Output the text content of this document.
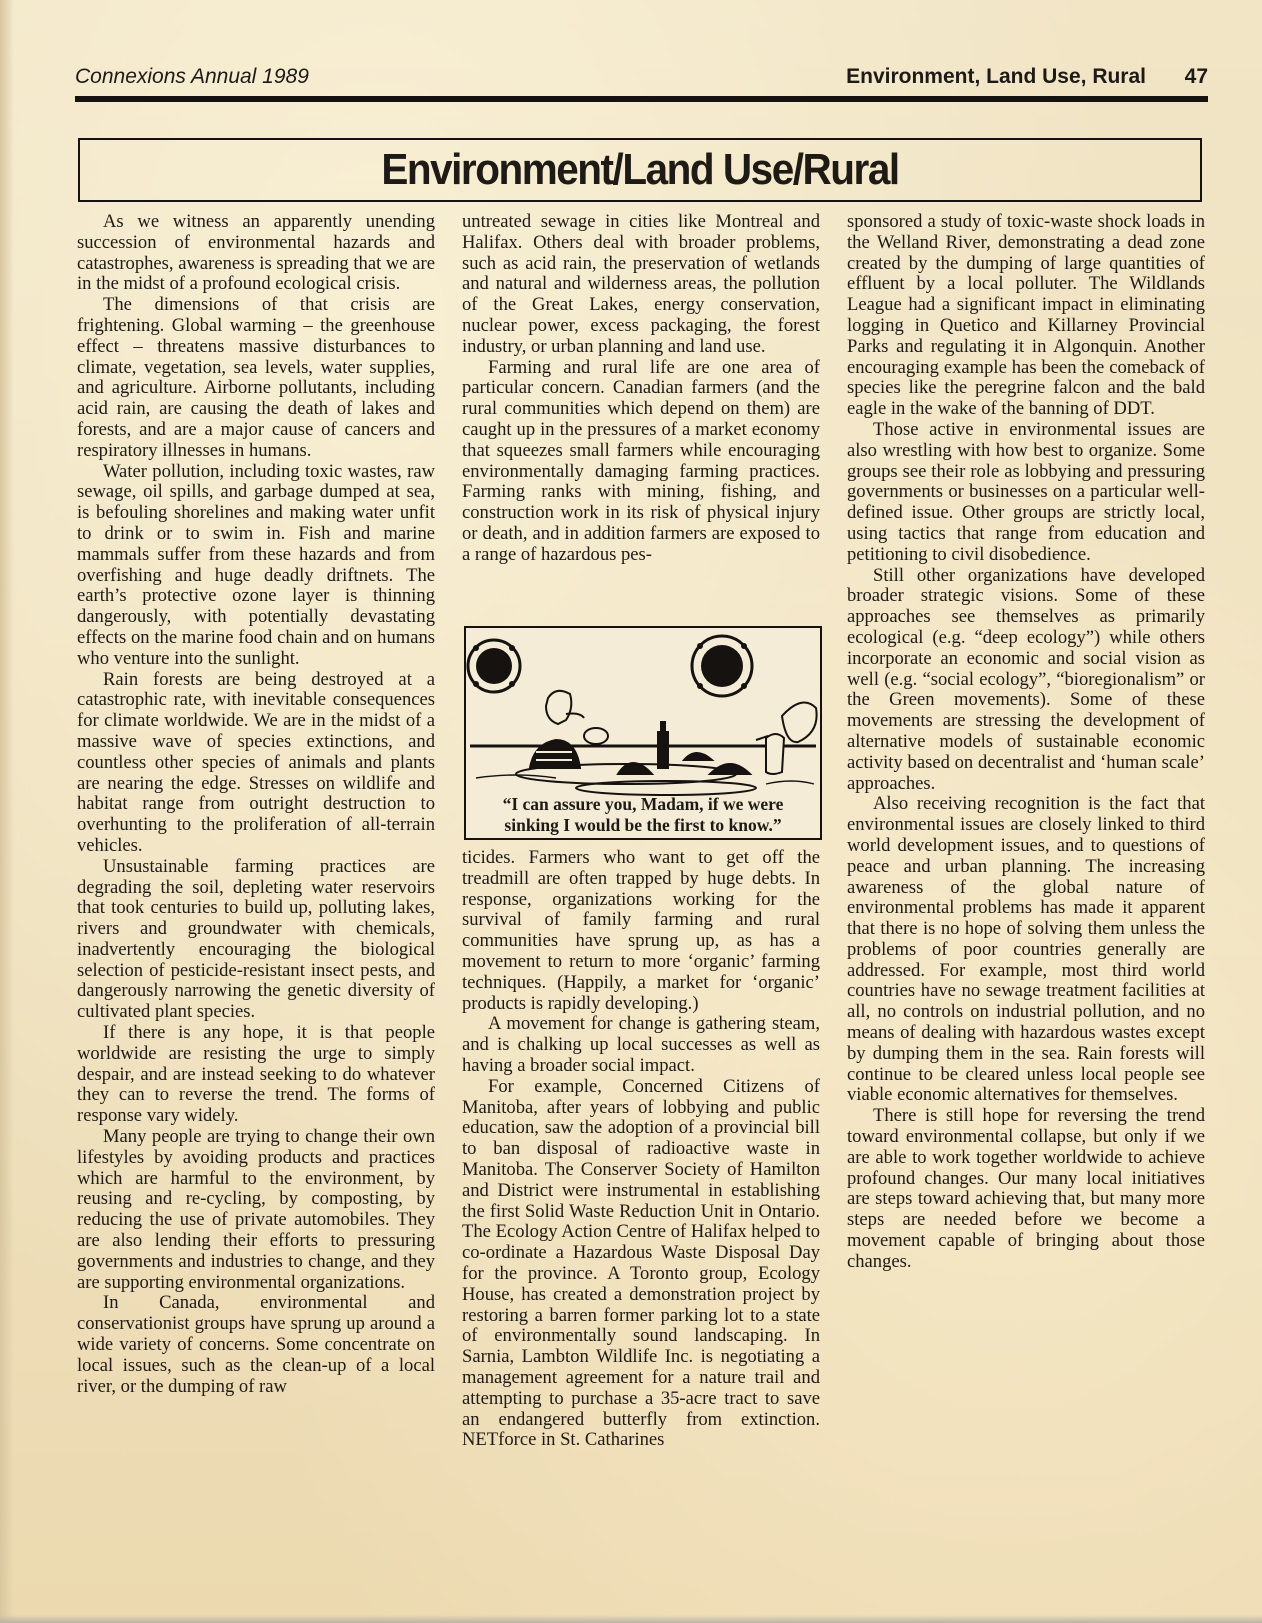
Connexions Annual 1989	Environment, Land Use, Rural 47
Environment/Land Use/Rural

As we witness an apparently unending succession of environmental hazards and catastrophes, awareness is spreading that we are in the midst of a profound ecological crisis.

The dimensions of that crisis are frightening. Global warming – the greenhouse effect – threatens massive disturbances to climate, vegetation, sea levels, water supplies, and agriculture. Airborne pollutants, including acid rain, are causing the death of lakes and forests, and are a major cause of cancers and respiratory illnesses in humans.

Water pollution, including toxic wastes, raw sewage, oil spills, and garbage dumped at sea, is befouling shorelines and making water unfit to drink or to swim in. Fish and marine mammals suffer from these hazards and from overfishing and huge deadly driftnets. The earth’s protective ozone layer is thinning dangerously, with potentially devastating effects on the marine food chain and on humans who venture into the sunlight.

Rain forests are being destroyed at a catastrophic rate, with inevitable consequences for climate worldwide. We are in the midst of a massive wave of species extinctions, and countless other species of animals and plants are nearing the edge. Stresses on wildlife and habitat range from outright destruction to overhunting to the proliferation of all-terrain vehicles.

Unsustainable farming practices are degrading the soil, depleting water reservoirs that took centuries to build up, polluting lakes, rivers and groundwater with chemicals, inadvertently encouraging the biological selection of pesticide-resistant insect pests, and dangerously narrowing the genetic diversity of cultivated plant species.

If there is any hope, it is that people worldwide are resisting the urge to simply despair, and are instead seeking to do whatever they can to reverse the trend. The forms of response vary widely.

Many people are trying to change their own lifestyles by avoiding products and practices which are harmful to the environment, by reusing and re-cycling, by composting, by reducing the use of private automobiles. They are also lending their efforts to pressuring governments and industries to change, and they are supporting environmental organizations.

In Canada, environmental and conservationist groups have sprung up around a wide variety of concerns. Some concentrate on local issues, such as the clean-up of a local river, or the dumping of raw

untreated sewage in cities like Montreal and Halifax. Others deal with broader problems, such as acid rain, the preservation of wetlands and natural and wilderness areas, the pollution of the Great Lakes, energy conservation, nuclear power, excess packaging, the forest industry, or urban planning and land use.

Farming and rural life are one area of particular concern. Canadian farmers (and the rural communities which depend on them) are caught up in the pressures of a market economy that squeezes small farmers while encouraging environmentally damaging farming practices. Farming ranks with mining, fishing, and construction work in its risk of physical injury or death, and in addition farmers are exposed to a range of hazardous pes-

“I can assure you, Madam, if we were
sinking I would be the first to know.”

ticides. Farmers who want to get off the treadmill are often trapped by huge debts. In response, organizations working for the survival of family farming and rural communities have sprung up, as has a movement to return to more ‘organic’ farming techniques. (Happily, a market for ‘organic’ products is rapidly developing.)

A movement for change is gathering steam, and is chalking up local successes as well as having a broader social impact.

For example, Concerned Citizens of Manitoba, after years of lobbying and public education, saw the adoption of a provincial bill to ban disposal of radioactive waste in Manitoba. The Conserver Society of Hamilton and District were instrumental in establishing the first Solid Waste Reduction Unit in Ontario. The Ecology Action Centre of Halifax helped to co-ordinate a Hazardous Waste Disposal Day for the province. A Toronto group, Ecology House, has created a demonstration project by restoring a barren former parking lot to a state of environmentally sound landscaping. In Sarnia, Lambton Wildlife Inc. is negotiating a management agreement for a nature trail and attempting to purchase a 35-acre tract to save an endangered butterfly from extinction. NETforce in St. Catharines

sponsored a study of toxic-waste shock loads in the Welland River, demonstrating a dead zone created by the dumping of large quantities of effluent by a local polluter. The Wildlands League had a significant impact in eliminating logging in Quetico and Killarney Provincial Parks and regulating it in Algonquin. Another encouraging example has been the comeback of species like the peregrine falcon and the bald eagle in the wake of the banning of DDT.

Those active in environmental issues are also wrestling with how best to organize. Some groups see their role as lobbying and pressuring governments or businesses on a particular well-defined issue. Other groups are strictly local, using tactics that range from education and petitioning to civil disobedience.

Still other organizations have developed broader strategic visions. Some of these approaches see themselves as primarily ecological (e.g. “deep ecology”) while others incorporate an economic and social vision as well (e.g. “social ecology”, “bioregionalism” or the Green movements). Some of these movements are stressing the development of alternative models of sustainable economic activity based on decentralist and ‘human scale’ approaches.

Also receiving recognition is the fact that environmental issues are closely linked to third world development issues, and to questions of peace and urban planning. The increasing awareness of the global nature of environmental problems has made it apparent that there is no hope of solving them unless the problems of poor countries generally are addressed. For example, most third world countries have no sewage treatment facilities at all, no controls on industrial pollution, and no means of dealing with hazardous wastes except by dumping them in the sea. Rain forests will continue to be cleared unless local people see viable economic alternatives for themselves.

There is still hope for reversing the trend toward environmental collapse, but only if we are able to work together worldwide to achieve profound changes. Our many local initiatives are steps toward achieving that, but many more steps are needed before we become a movement capable of bringing about those changes.
